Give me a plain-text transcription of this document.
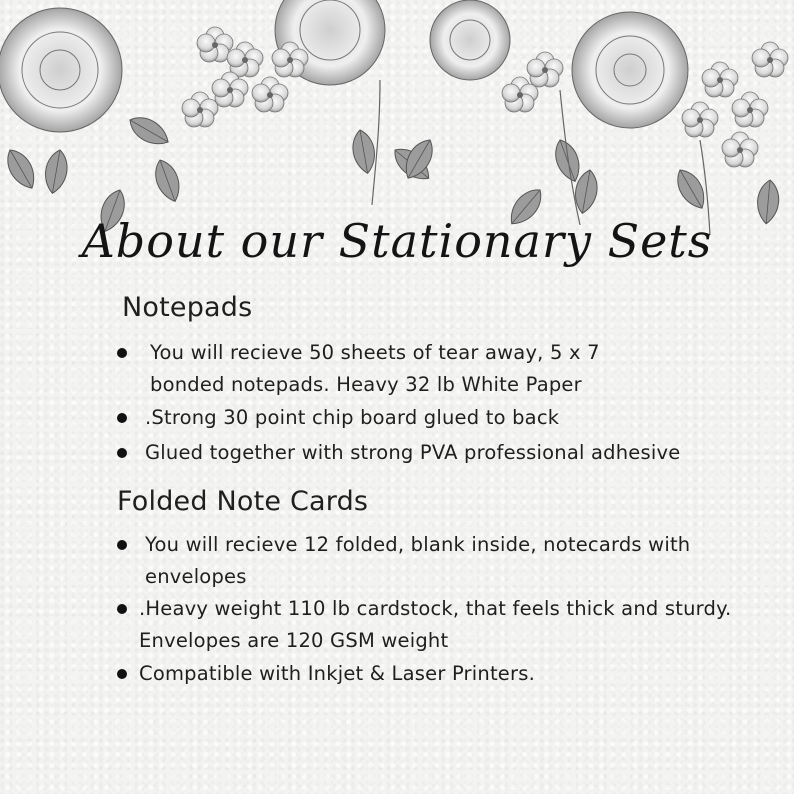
About our Stationary Sets
Notepads
You will recieve 50 sheets of tear away, 5 x 7
bonded notepads. Heavy 32 lb White Paper
.Strong 30 point chip board glued to back
Glued together with strong PVA professional adhesive
Folded Note Cards
You will recieve 12 folded, blank inside, notecards with
envelopes
.Heavy weight 110 lb cardstock, that feels thick and sturdy.
Envelopes are 120 GSM weight
Compatible with Inkjet & Laser Printers.
